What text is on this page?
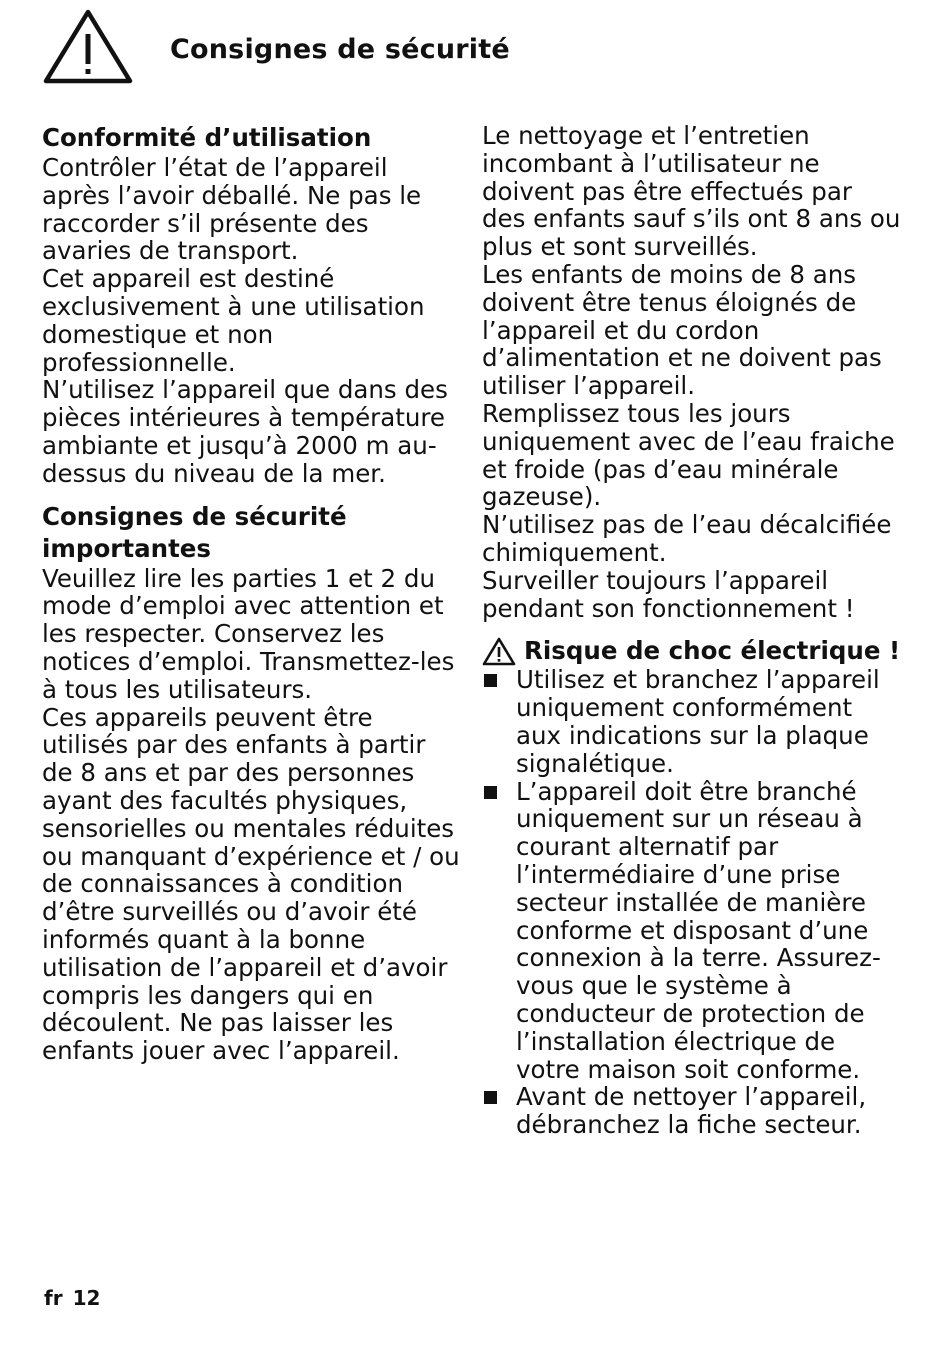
Consignes de sécurité
Conformité d’utilisation

Contrôler l’état de l’appareil après l’avoir déballé. Ne pas le raccorder s’il présente des avaries de transport.

Cet appareil est destiné exclusivement à une utilisation domestique et non professionnelle.

N’utilisez l’appareil que dans des pièces intérieures à température ambiante et jusqu’à 2000 m au-dessus du niveau de la mer.

Consignes de sécurité
importantes

Veuillez lire les parties 1 et 2 du mode d’emploi avec attention et les respecter. Conservez les notices d’emploi. Transmettez-les à tous les utilisateurs.

Ces appareils peuvent être utilisés par des enfants à partir de 8 ans et par des personnes ayant des facultés physiques, sensorielles ou mentales réduites ou manquant d’expérience et / ou de connaissances à condition d’être surveillés ou d’avoir été informés quant à la bonne utilisation de l’appareil et d’avoir compris les dangers qui en découlent. Ne pas laisser les enfants jouer avec l’appareil.

Le nettoyage et l’entretien incombant à l’utilisateur ne doivent pas être effectués par des enfants sauf s’ils ont 8 ans ou plus et sont surveillés.

Les enfants de moins de 8 ans doivent être tenus éloignés de l’appareil et du cordon d’alimentation et ne doivent pas utiliser l’appareil.

Remplissez tous les jours uniquement avec de l’eau fraiche et froide (pas d’eau minérale gazeuse).

N’utilisez pas de l’eau décalcifiée chimiquement.

Surveiller toujours l’appareil pendant son fonctionnement !

Risque de choc électrique !
Utilisez et branchez l’appareil uniquement conformément aux indications sur la plaque signalétique.
L’appareil doit être branché uniquement sur un réseau à courant alternatif par l’intermédiaire d’une prise secteur installée de manière conforme et disposant d’une connexion à la terre. Assurez-vous que le système à conducteur de protection de l’installation électrique de votre maison soit conforme.
Avant de nettoyer l’appareil, débranchez la fiche secteur.
fr 12
